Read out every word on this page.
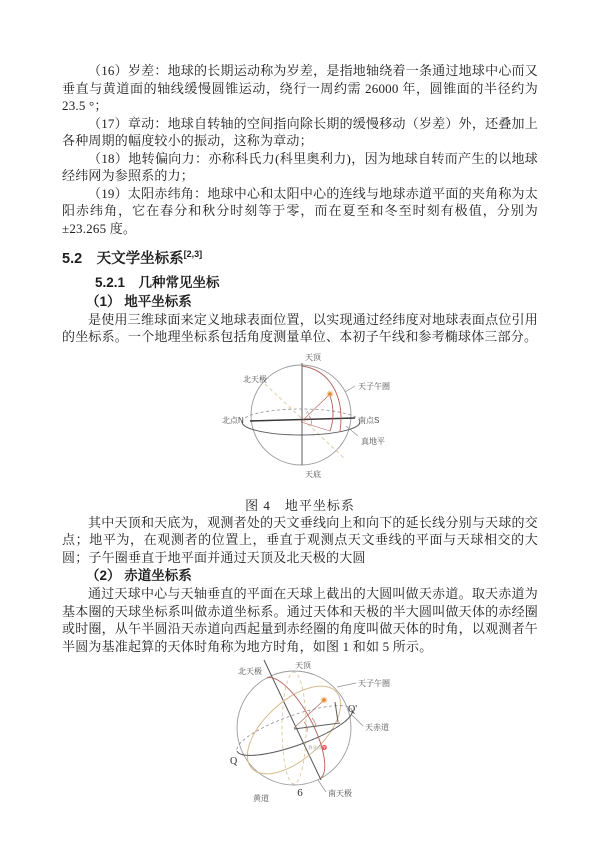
（16）岁差：地球的长期运动称为岁差，是指地轴绕着一条通过地球中心而又垂直与黄道面的轴线缓慢圆锥运动，绕行一周约需 26000 年，圆锥面的半径约为 23.5 °；
（17）章动：地球自转轴的空间指向除长期的缓慢移动（岁差）外，还叠加上各种周期的幅度较小的振动，这称为章动；
（18）地转偏向力：亦称科氏力(科里奥利力)，因为地球自转而产生的以地球经纬网为参照系的力；
（19）太阳赤纬角：地球中心和太阳中心的连线与地球赤道平面的夹角称为太阳赤纬角，它在春分和秋分时刻等于零，而在夏至和冬至时刻有极值，分别为±23.265 度。
5.2　天文学坐标系[2,3]
5.2.1　几种常见坐标
（1） 地平坐标系
是使用三维球面来定义地球表面位置，以实现通过经纬度对地球表面点位引用的坐标系。一个地理坐标系包括角度测量单位、本初子午线和参考椭球体三部分。
天顶
北天极
天子午圈
北点N	南点S
真地平
天底
A
图 4　地平坐标系
其中天顶和天底为，观测者处的天文垂线向上和向下的延长线分别与天球的交点；地平为，在观测者的位置上，垂直于观测点天文垂线的平面与天球相交的大圆；子午圈垂直于地平面并通过天顶及北天极的大圆
（2） 赤道坐标系
通过天球中心与天轴垂直的平面在天球上截出的大圆叫做天赤道。取天赤道为基本圈的天球坐标系叫做赤道坐标系。通过天体和天极的半大圆叫做天体的赤经圈或时圈，从午半圆沿天赤道向西起量到赤经圈的角度叫做天体的时角，以观测者午半圆为基准起算的天体时角称为地方时角，如图 1 和如 5 所示。
北天极
天顶
天子午圈
Q'
天赤道
春分点♈
t
Q
黄道
南天极
6
